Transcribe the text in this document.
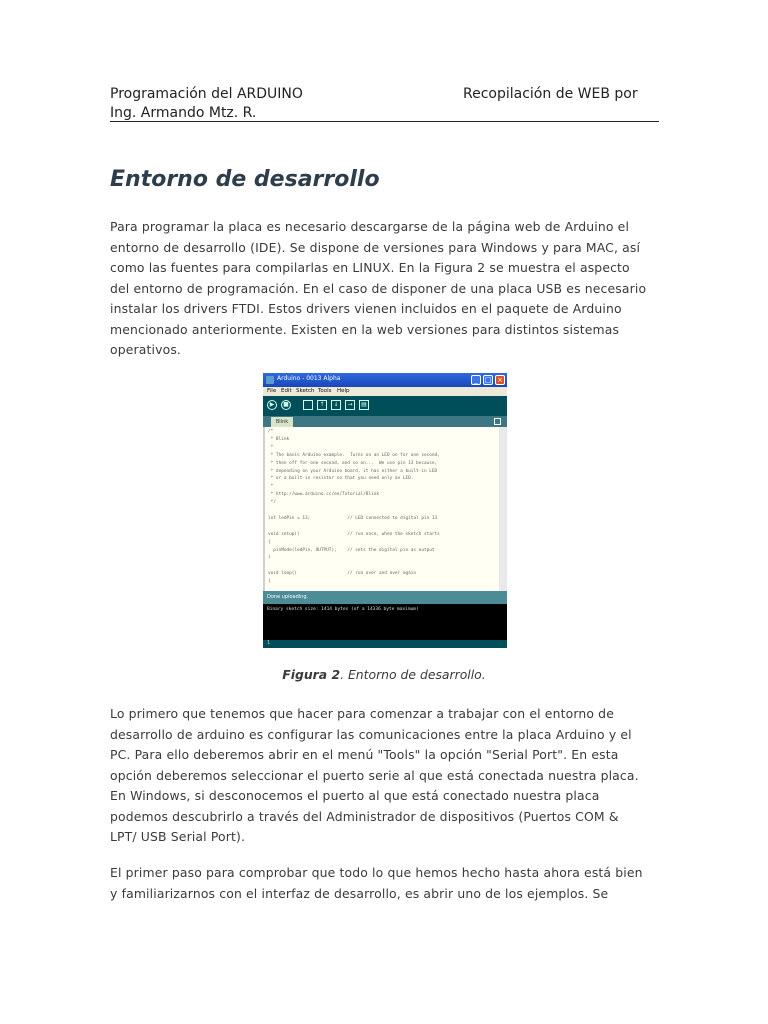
Programación del ARDUINO	Recopilación de WEB por
Ing. Armando Mtz. R.
Entorno de desarrollo

Para programar la placa es necesario descargarse de la página web de Arduino el

entorno de desarrollo (IDE). Se dispone de versiones para Windows y para MAC, así

como las fuentes para compilarlas en LINUX. En la Figura 2 se muestra el aspecto

del entorno de programación. En el caso de disponer de una placa USB es necesario

instalar los drivers FTDI. Estos drivers vienen incluidos en el paquete de Arduino

mencionado anteriormente. Existen en la web versiones para distintos sistemas

operativos.

Arduino - 0013 Alpha	_ □ ×
File Edit Sketch Tools Help
▶	■	↑	↓	→	▤
Blink
/*
* Blink
*
* The basic Arduino example.  Turns on an LED on for one second,
* then off for one second, and so on...  We use pin 13 because,
* depending on your Arduino board, it has either a built-in LED
* or a built-in resistor so that you need only an LED.
*
* http://www.arduino.cc/en/Tutorial/Blink
*/
int ledPin = 13;              // LED connected to digital pin 13
void setup()                  // run once, when the sketch starts
{
pinMode(ledPin, OUTPUT);    // sets the digital pin as output
}
void loop()                   // run over and over again
{
Done uploading.
Binary sketch size: 1414 bytes (of a 14336 byte maximum)
1
Figura 2. Entorno de desarrollo.

Lo primero que tenemos que hacer para comenzar a trabajar con el entorno de

desarrollo de arduino es configurar las comunicaciones entre la placa Arduino y el

PC. Para ello deberemos abrir en el menú "Tools" la opción "Serial Port". En esta

opción deberemos seleccionar el puerto serie al que está conectada nuestra placa.

En Windows, si desconocemos el puerto al que está conectado nuestra placa

podemos descubrirlo a través del Administrador de dispositivos (Puertos COM &

LPT/ USB Serial Port).

El primer paso para comprobar que todo lo que hemos hecho hasta ahora está bien

y familiarizarnos con el interfaz de desarrollo, es abrir uno de los ejemplos. Se
